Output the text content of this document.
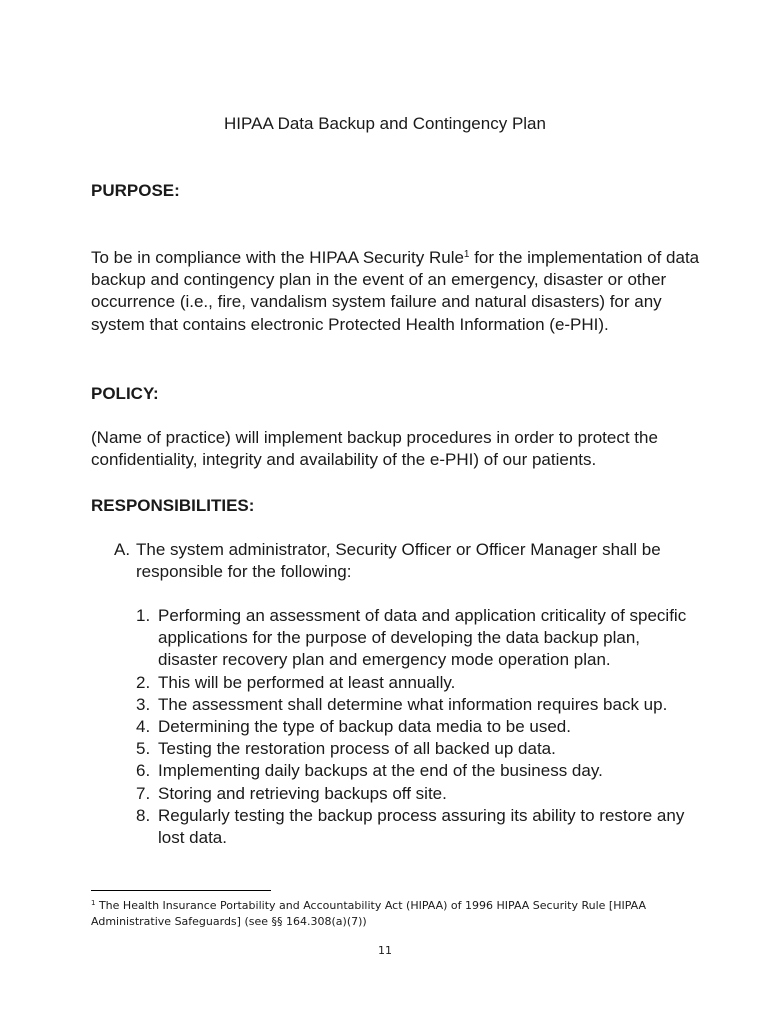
HIPAA Data Backup and Contingency Plan
PURPOSE:

To be in compliance with the HIPAA Security Rule$^1$ for the implementation of data backup and contingency plan in the event of an emergency, disaster or other occurrence (i.e., fire, vandalism system failure and natural disasters) for any system that contains electronic Protected Health Information (e-PHI).

POLICY:

(Name of practice) will implement backup procedures in order to protect the confidentiality, integrity and availability of the e-PHI) of our patients.

RESPONSIBILITIES:
A. The system administrator, Security Officer or Officer Manager shall be responsible for the following:
1. Performing an assessment of data and application criticality of specific applications for the purpose of developing the data backup plan, disaster recovery plan and emergency mode operation plan.
2. This will be performed at least annually.
3. The assessment shall determine what information requires back up.
4. Determining the type of backup data media to be used.
5. Testing the restoration process of all backed up data.
6. Implementing daily backups at the end of the business day.
7. Storing and retrieving backups off site.
8. Regularly testing the backup process assuring its ability to restore any lost data.

$^1$ The Health Insurance Portability and Accountability Act (HIPAA) of 1996 HIPAA Security Rule [HIPAA Administrative Safeguards] (see §§ 164.308(a)(7))

11
